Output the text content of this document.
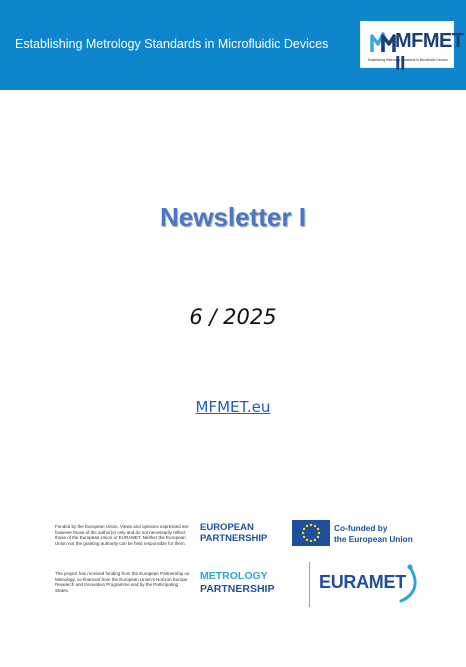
Establishing Metrology Standards in Microfluidic Devices	MFMET II
Establishing Metrology Standards in Microfluidic Devices
Newsletter I
6 / 2025
MFMET.eu
Funded by the European Union. Views and opinions expressed are however those of the author(s) only and do not necessarily reflect those of the European Union or EURAMET. Neither the European Union nor the granting authority can be held responsible for them.
The project has received funding from the European Partnership on Metrology, co-financed from the European Union's Horizon Europe Research and Innovation Programme and by the Participating States.
EUROPEAN
PARTNERSHIP
Co-funded by
the European Union
METROLOGY
PARTNERSHIP EURAMET
